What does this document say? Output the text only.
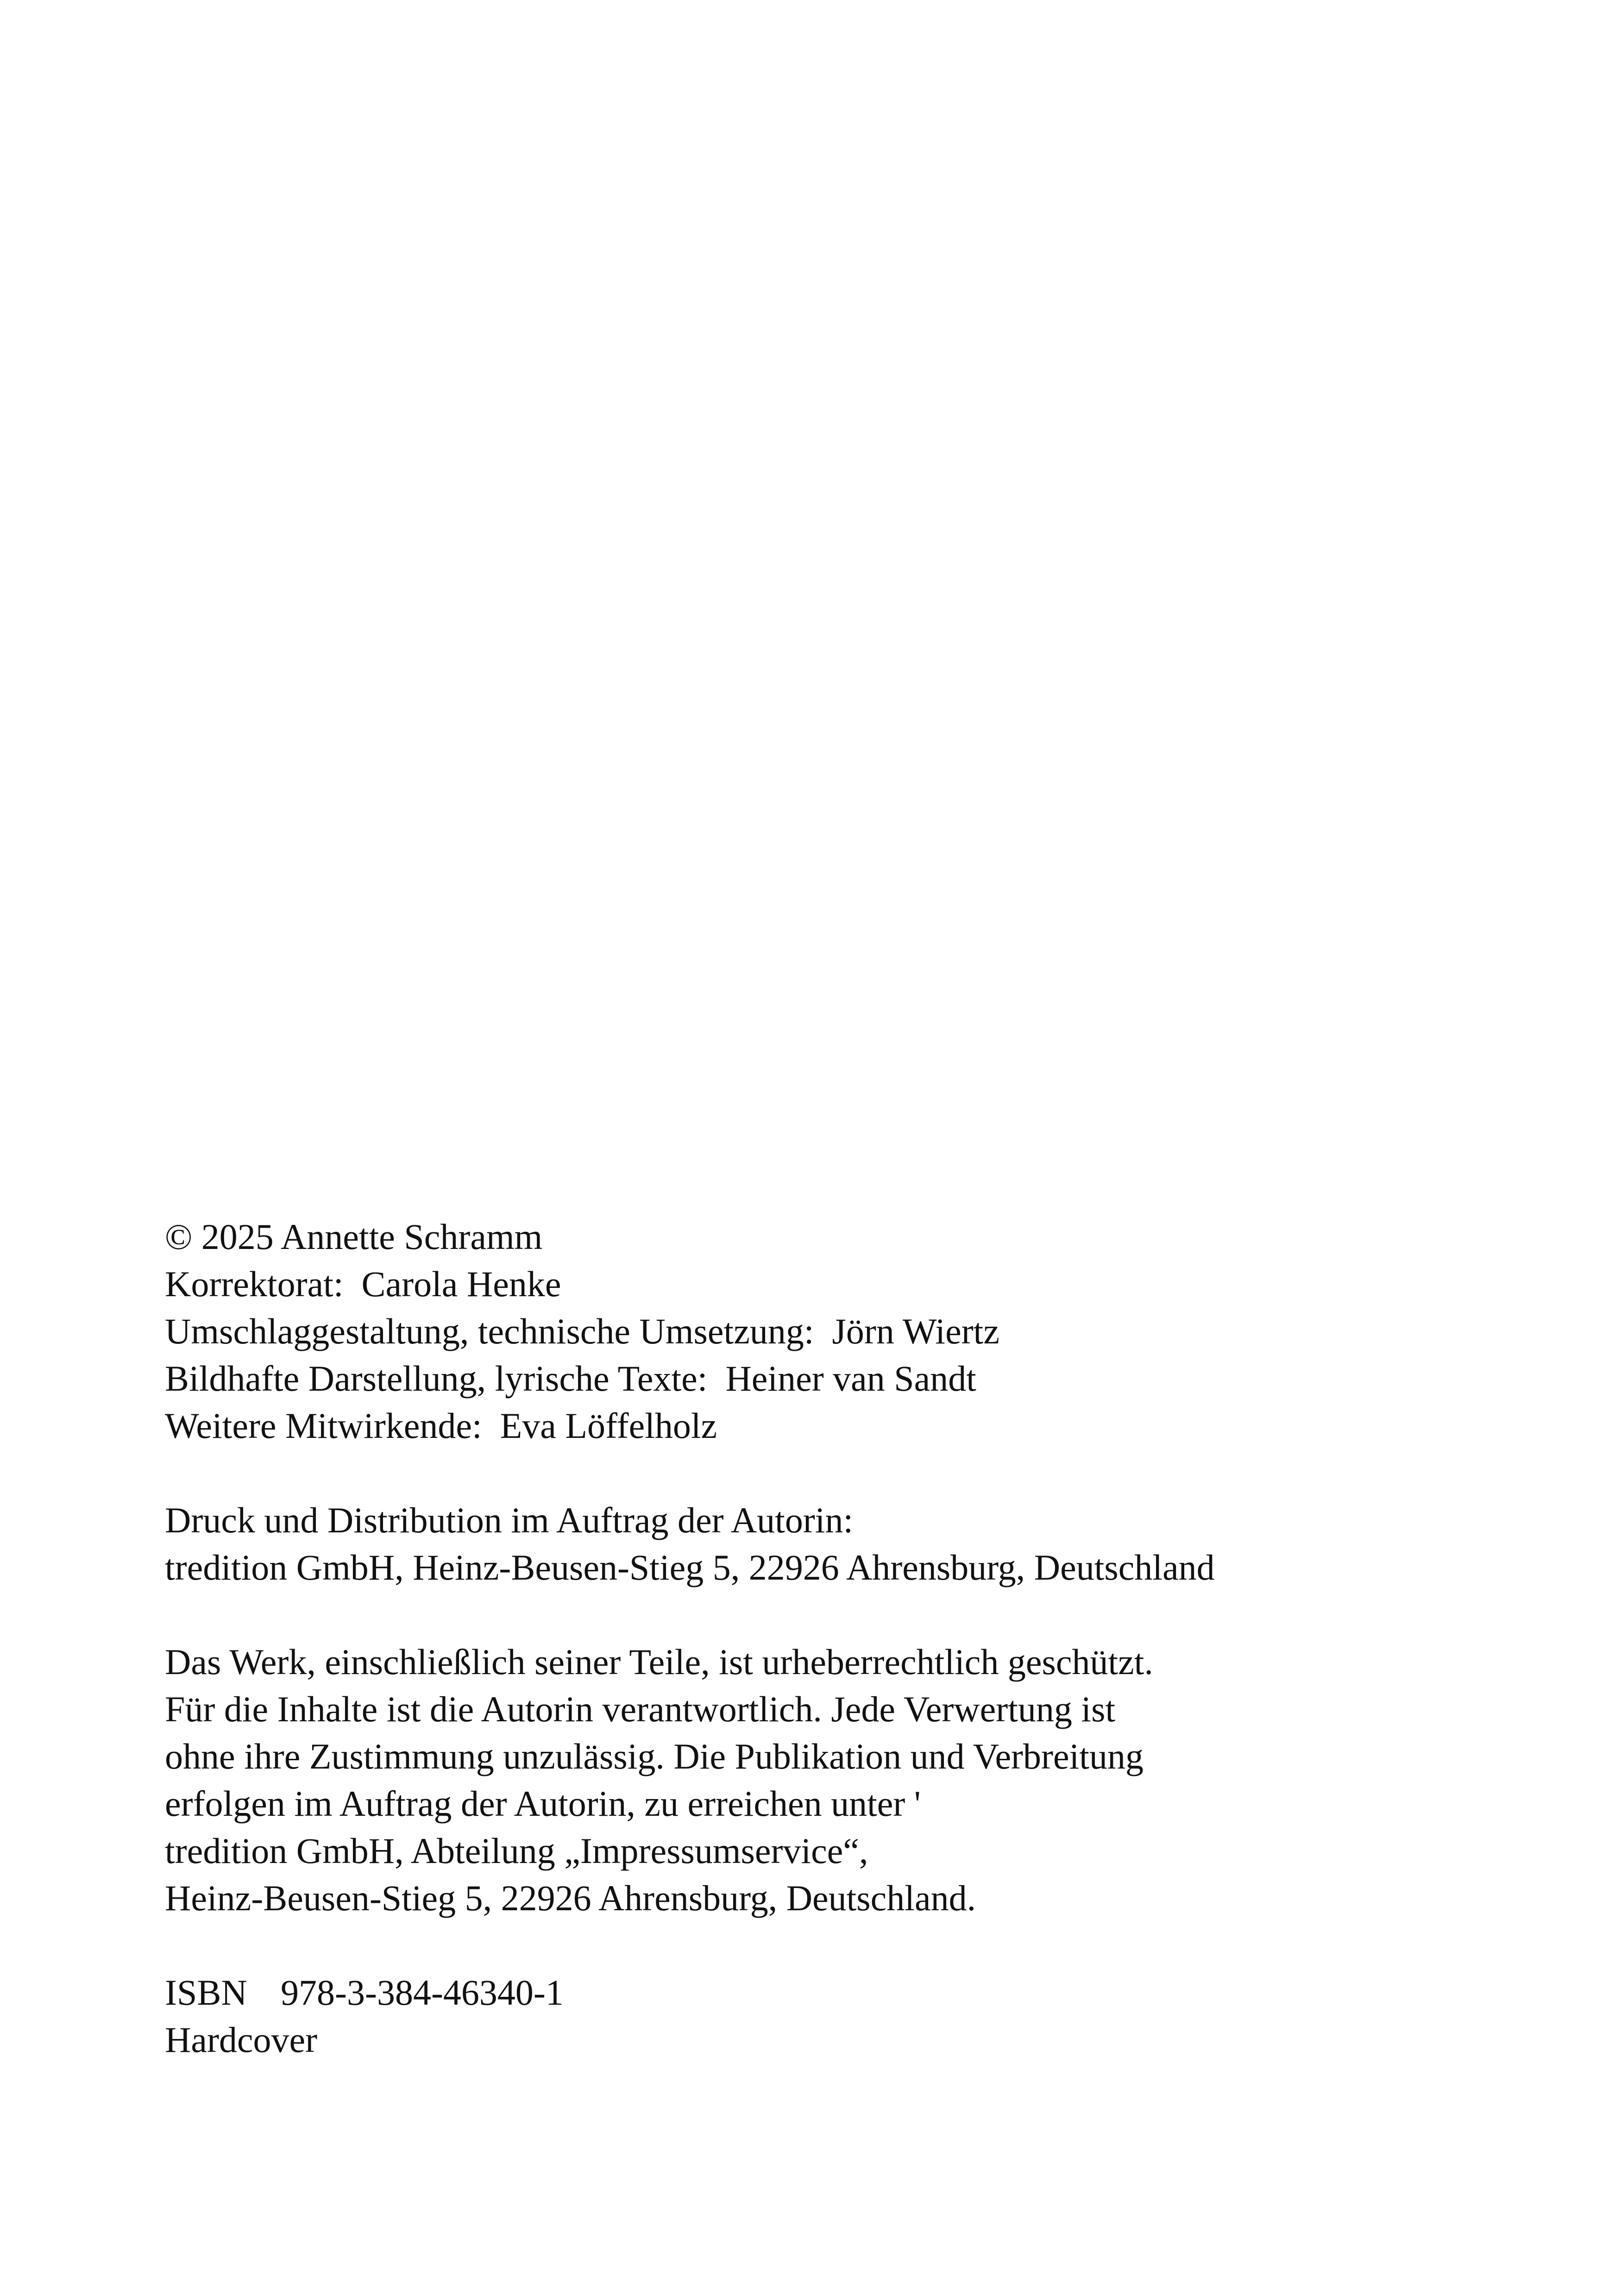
© 2025 Annette Schramm
Korrektorat:  Carola Henke
Umschlaggestaltung, technische Umsetzung:  Jörn Wiertz
Bildhafte Darstellung, lyrische Texte:  Heiner van Sandt
Weitere Mitwirkende:  Eva Löffelholz
Druck und Distribution im Auftrag der Autorin:
tredition GmbH, Heinz-Beusen-Stieg 5, 22926 Ahrensburg, Deutschland
Das Werk, einschließlich seiner Teile, ist urheberrechtlich geschützt.
Für die Inhalte ist die Autorin verantwortlich. Jede Verwertung ist
ohne ihre Zustimmung unzulässig. Die Publikation und Verbreitung
erfolgen im Auftrag der Autorin, zu erreichen unter '
tredition GmbH, Abteilung „Impressumservice“,
Heinz-Beusen-Stieg 5, 22926 Ahrensburg, Deutschland.
ISBN 978-3-384-46340-1
Hardcover
